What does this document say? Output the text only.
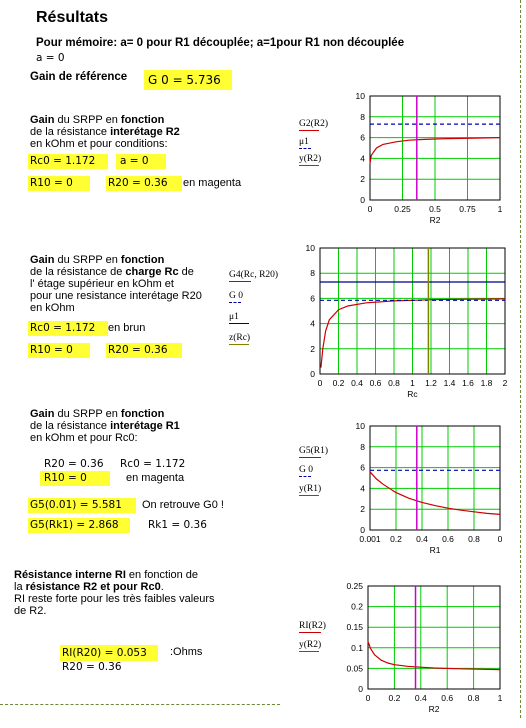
Résultats
Pour mémoire: a= 0 pour R1 découplée; a=1pour R1 non découplée
a = 0
Gain de référence	G 0 = 5.736
Gain du SRPP en fonction
de la résistance interétage R2
en kOhm et pour conditions:
Rc0 = 1.172	a = 0
R10 = 0	R20 = 0.36	en magenta
G2(R2)
μ1
y(R2)
0	0.25 0.5 0.75	1
0
2
4
6
8
10
R2
Gain du SRPP en fonction
de la résistance de charge Rc de
l' étage supérieur en kOhm et
pour une resistance interétage R20
en kOhm
Rc0 = 1.172	en brun
R10 = 0	R20 = 0.36
G4(Rc, R20)
G 0
μ1
z(Rc)
0 0.2 0.4 0.6 0.8 1 1.2 1.4 1.6 1.8 2
0
2
4
6
8
10
Rc
Gain du SRPP en fonction
de la résistance interétage R1
en kOhm et pour Rc0:
R20 = 0.36 Rc0 = 1.172
R10 = 0	en magenta
G5(0.01) = 5.581	On retrouve G0 !
G5(Rk1) = 2.868	Rk1 = 0.36
G5(R1)
G 0
y(R1)
0.001 0.2 0.4 0.6 0.8 0
0
2
4
6
8
10
R1
Résistance interne RI en fonction de
la résistance R2 et pour Rc0.
RI reste forte pour les très faibles valeurs
de R2.
RI(R20) = 0.053	:Ohms
R20 = 0.36
RI(R2)
y(R2)
0 0.2 0.4 0.6 0.8 1
0
0.05
0.1
0.15
0.2
0.25
R2
